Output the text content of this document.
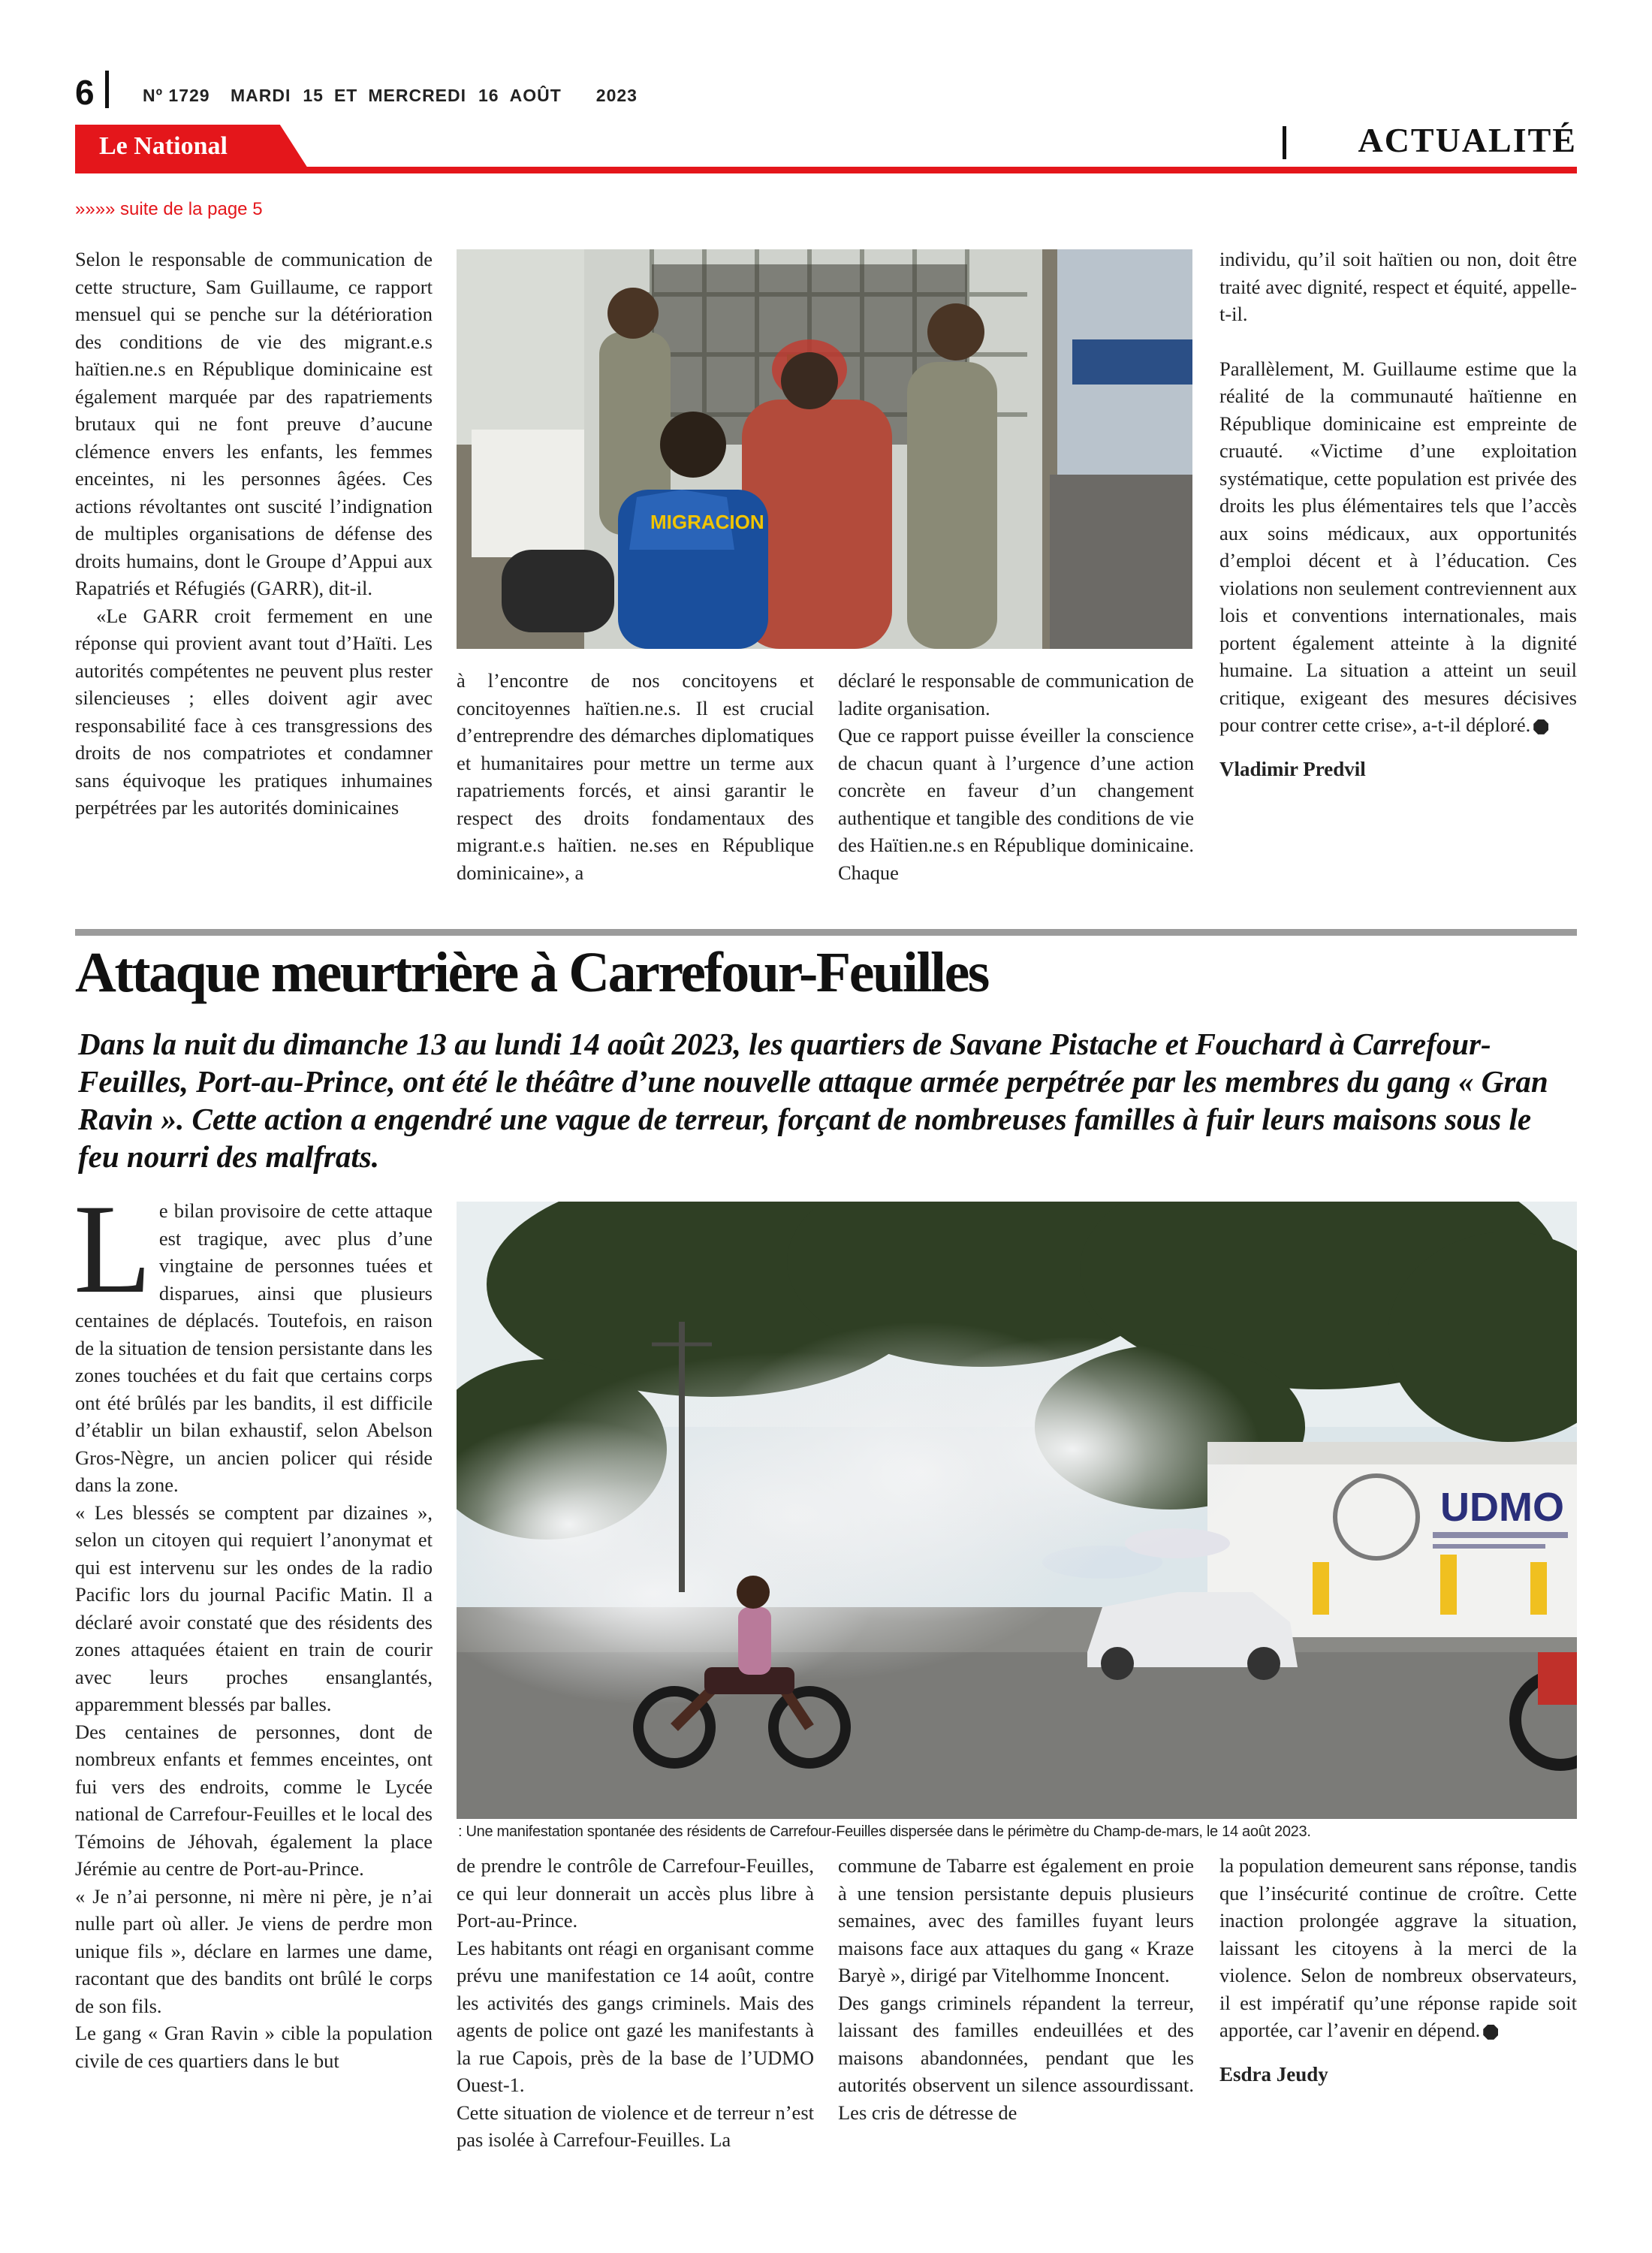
6	Nº 1729 MARDI 15 ET MERCREDI 16 AOÛT 2023
Le National	ACTUALITÉ
»»»» suite de la page 5

Selon le responsable de communication de cette structure, Sam Guillaume, ce rapport mensuel qui se penche sur la détérioration des conditions de vie des migrant.e.s haïtien.ne.s en République dominicaine est également marquée par des rapatriements brutaux qui ne font preuve d’aucune clémence envers les enfants, les femmes enceintes, ni les personnes âgées. Ces actions révoltantes ont suscité l’indignation de multiples organisations de défense des droits humains, dont le Groupe d’Appui aux Rapatriés et Réfugiés (GARR), dit-il.

«Le GARR croit fermement en une réponse qui provient avant tout d’Haïti. Les autorités compétentes ne peuvent plus rester silencieuses ; elles doivent agir avec responsabilité face à ces transgressions des droits de nos compatriotes et condamner sans équivoque les pratiques inhumaines perpétrées par les autorités dominicaines

MIGRACION

à l’encontre de nos concitoyens et concitoyennes haïtien.ne.s. Il est crucial d’entreprendre des démarches diplomatiques et humanitaires pour mettre un terme aux rapatriements forcés, et ainsi garantir le respect des droits fondamentaux des migrant.e.s haïtien. ne.ses en République dominicaine», a

déclaré le responsable de communication de ladite organisation.

Que ce rapport puisse éveiller la conscience de chacun quant à l’urgence d’une action concrète en faveur d’un changement authentique et tangible des conditions de vie des Haïtien.ne.s en République dominicaine. Chaque

individu, qu’il soit haïtien ou non, doit être traité avec dignité, respect et équité, appelle-t-il.

Parallèlement, M. Guillaume estime que la réalité de la communauté haïtienne en République dominicaine est empreinte de cruauté. «Victime d’une exploitation systématique, cette population est privée des droits les plus élémentaires tels que l’accès aux soins médicaux, aux opportunités d’emploi décent et à l’éducation. Ces violations non seulement contreviennent aux lois et conventions internationales, mais portent également atteinte à la dignité humaine. La situation a atteint un seuil critique, exigeant des mesures décisives pour contrer cette crise», a-t-il déploré.

Vladimir Predvil

Attaque meurtrière à Carrefour-Feuilles
Dans la nuit du dimanche 13 au lundi 14 août 2023, les quartiers de Savane Pistache et Fouchard à Carrefour-Feuilles, Port-au-Prince, ont été le théâtre d’une nouvelle attaque armée perpétrée par les membres du gang « Gran Ravin ». Cette action a engendré une vague de terreur, forçant de nombreuses familles à fuir leurs maisons sous le feu nourri des malfrats.

Le bilan provisoire de cette attaque est tragique, avec plus d’une vingtaine de personnes tuées et disparues, ainsi que plusieurs centaines de déplacés. Toutefois, en raison de la situation de tension persistante dans les zones touchées et du fait que certains corps ont été brûlés par les bandits, il est difficile d’établir un bilan exhaustif, selon Abelson Gros-Nègre, un ancien policer qui réside dans la zone.

« Les blessés se comptent par dizaines », selon un citoyen qui requiert l’anonymat et qui est intervenu sur les ondes de la radio Pacific lors du journal Pacific Matin. Il a déclaré avoir constaté que des résidents des zones attaquées étaient en train de courir avec leurs proches ensanglantés, apparemment blessés par balles.

Des centaines de personnes, dont de nombreux enfants et femmes enceintes, ont fui vers des endroits, comme le Lycée national de Carrefour-Feuilles et le local des Témoins de Jéhovah, également la place Jérémie au centre de Port-au-Prince.

« Je n’ai personne, ni mère ni père, je n’ai nulle part où aller. Je viens de perdre mon unique fils », déclare en larmes une dame, racontant que des bandits ont brûlé le corps de son fils.

Le gang « Gran Ravin » cible la population civile de ces quartiers dans le but

UDMO
: Une manifestation spontanée des résidents de Carrefour-Feuilles dispersée dans le périmètre du Champ-de-mars, le 14 août 2023.

de prendre le contrôle de Carrefour-Feuilles, ce qui leur donnerait un accès plus libre à Port-au-Prince.

Les habitants ont réagi en organisant comme prévu une manifestation ce 14 août, contre les activités des gangs criminels. Mais des agents de police ont gazé les manifestants à la rue Capois, près de la base de l’UDMO Ouest-1.

Cette situation de violence et de terreur n’est pas isolée à Carrefour-Feuilles. La

commune de Tabarre est également en proie à une tension persistante depuis plusieurs semaines, avec des familles fuyant leurs maisons face aux attaques du gang « Kraze Baryè », dirigé par Vitelhomme Inoncent.

Des gangs criminels répandent la terreur, laissant des familles endeuillées et des maisons abandonnées, pendant que les autorités observent un silence assourdissant. Les cris de détresse de

la population demeurent sans réponse, tandis que l’insécurité continue de croître. Cette inaction prolongée aggrave la situation, laissant les citoyens à la merci de la violence. Selon de nombreux observateurs, il est impératif qu’une réponse rapide soit apportée, car l’avenir en dépend.

Esdra Jeudy
